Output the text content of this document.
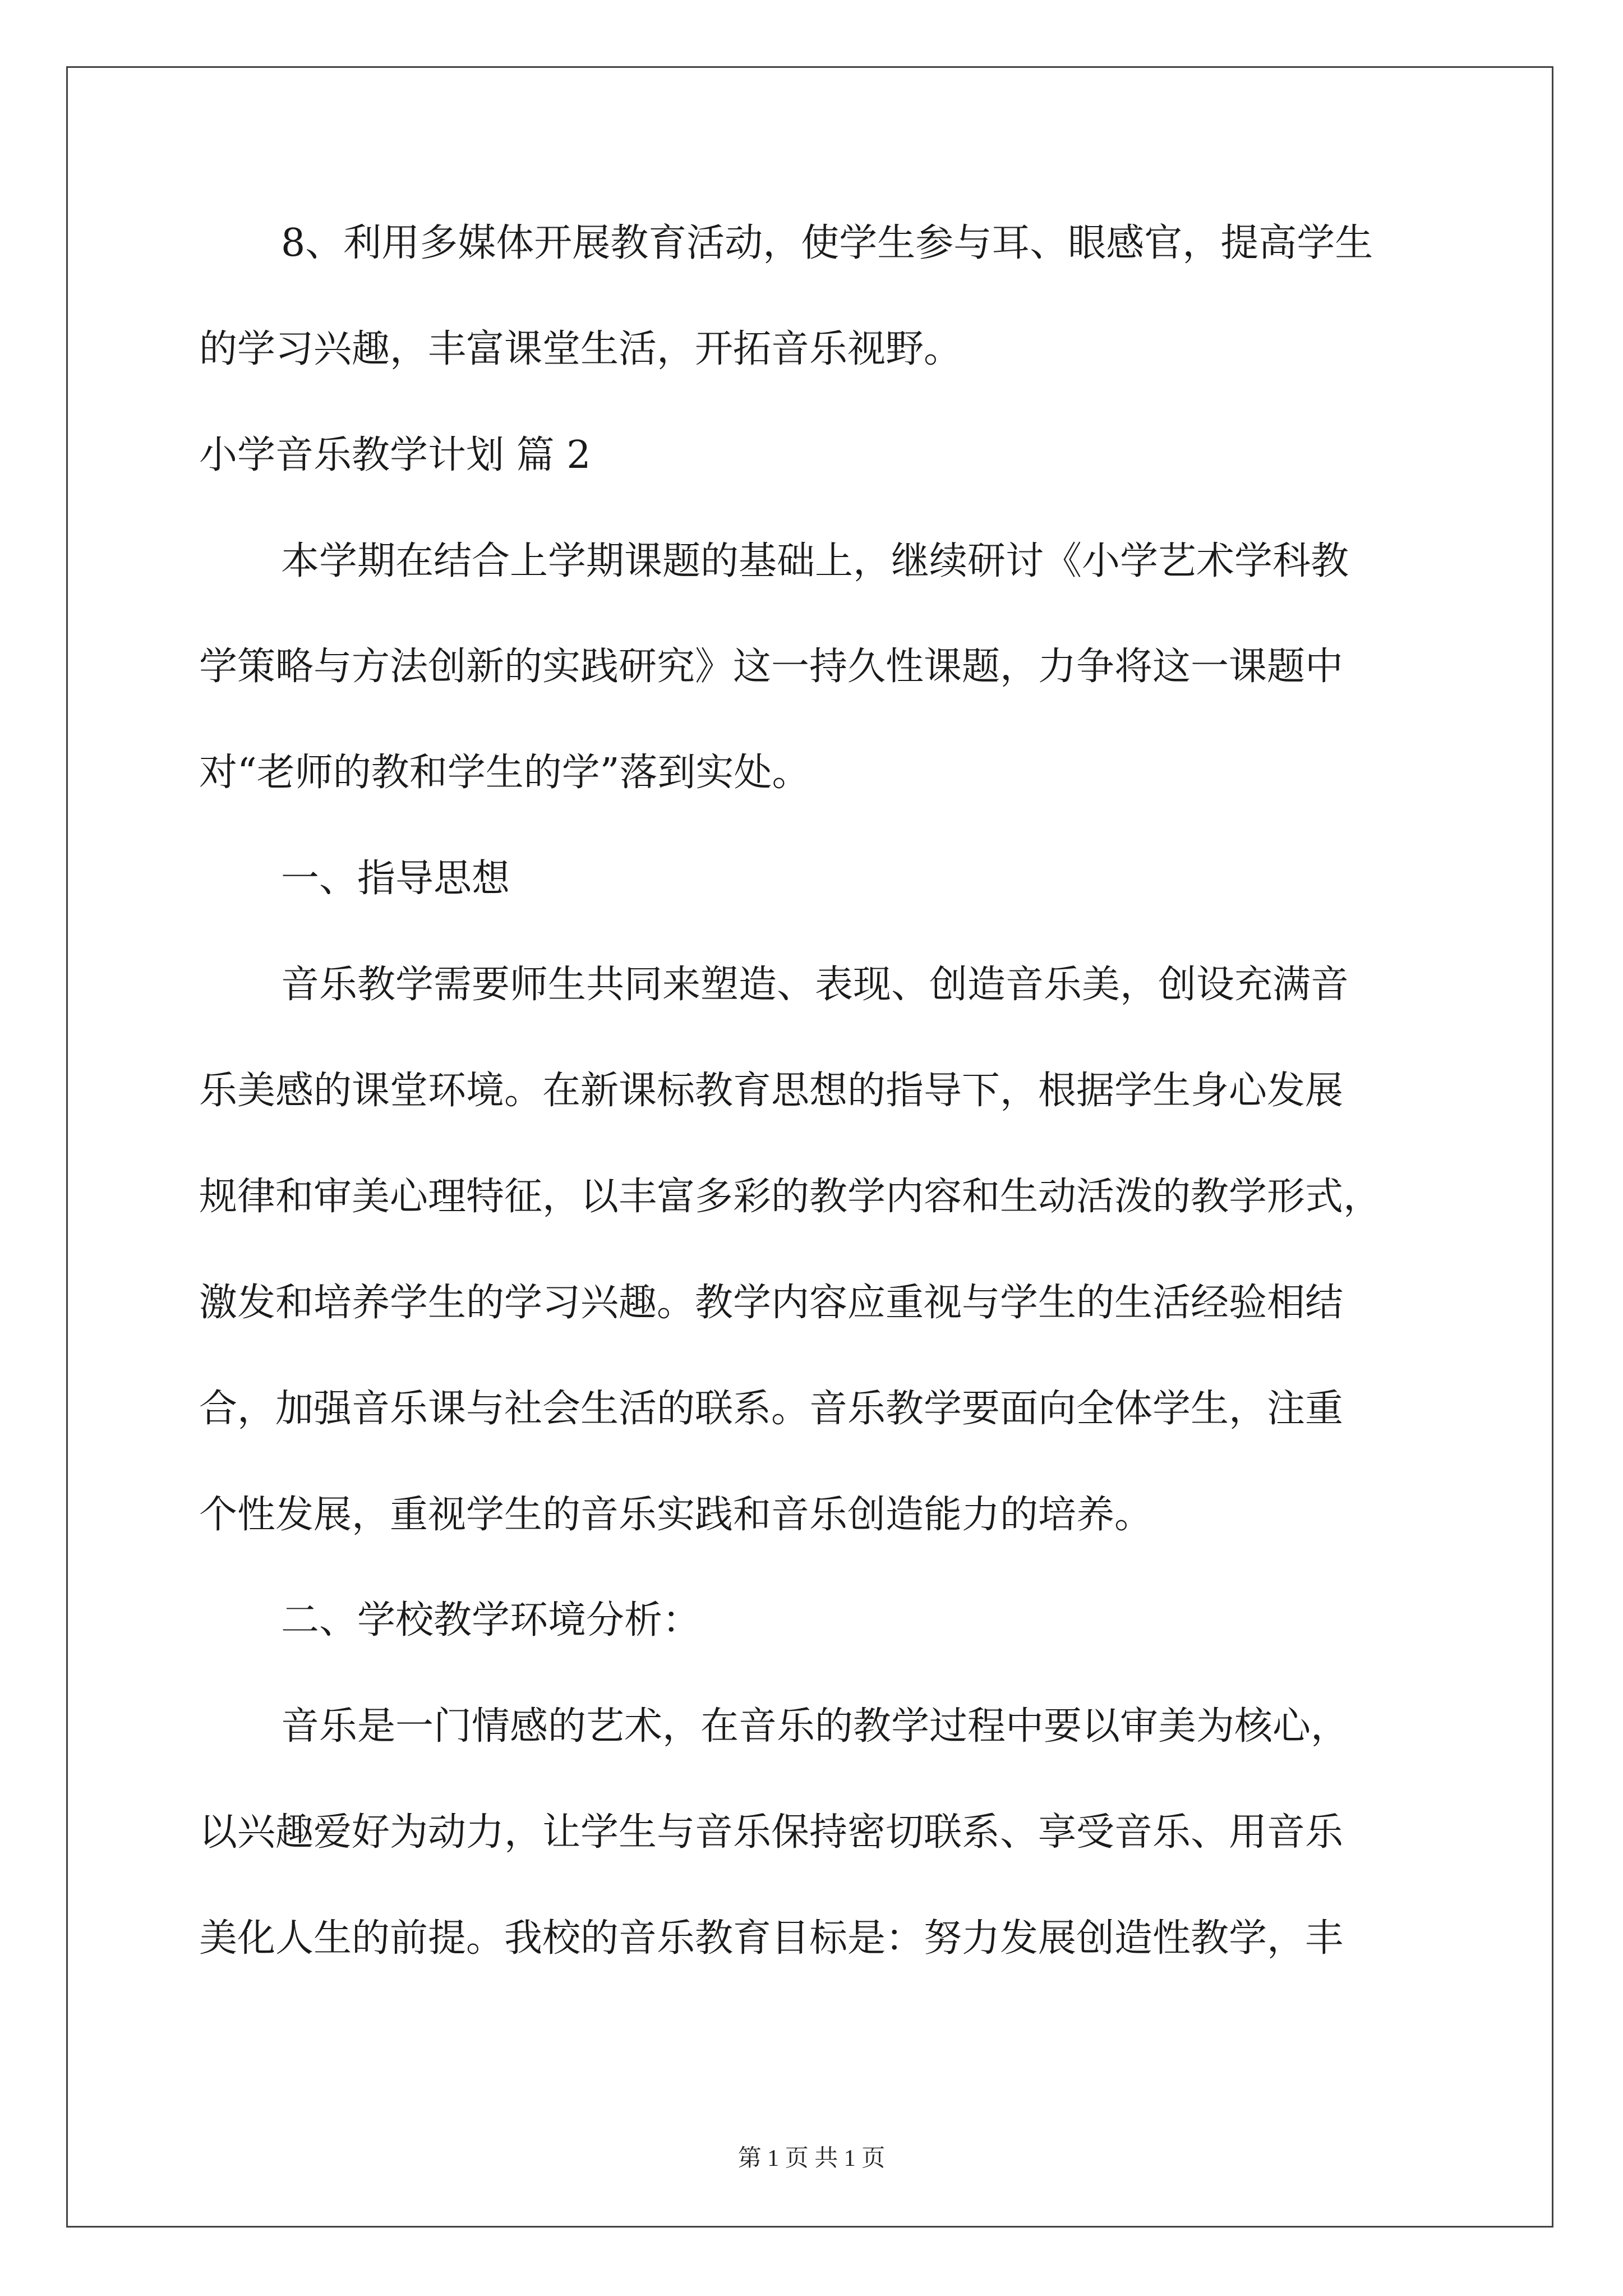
8、利用多媒体开展教育活动，使学生参与耳、眼感官，提高学生
的学习兴趣，丰富课堂生活，开拓音乐视野。
小学音乐教学计划 篇 2
本学期在结合上学期课题的基础上，继续研讨《小学艺术学科教
学策略与方法创新的实践研究》这一持久性课题，力争将这一课题中
对“老师的教和学生的学”落到实处。
一、指导思想
音乐教学需要师生共同来塑造、表现、创造音乐美，创设充满音
乐美感的课堂环境。在新课标教育思想的指导下，根据学生身心发展
规律和审美心理特征，以丰富多彩的教学内容和生动活泼的教学形式，
激发和培养学生的学习兴趣。教学内容应重视与学生的生活经验相结
合，加强音乐课与社会生活的联系。音乐教学要面向全体学生，注重
个性发展，重视学生的音乐实践和音乐创造能力的培养。
二、学校教学环境分析：
音乐是一门情感的艺术，在音乐的教学过程中要以审美为核心，
以兴趣爱好为动力，让学生与音乐保持密切联系、享受音乐、用音乐
美化人生的前提。我校的音乐教育目标是：努力发展创造性教学，丰
第 1 页 共 1 页
